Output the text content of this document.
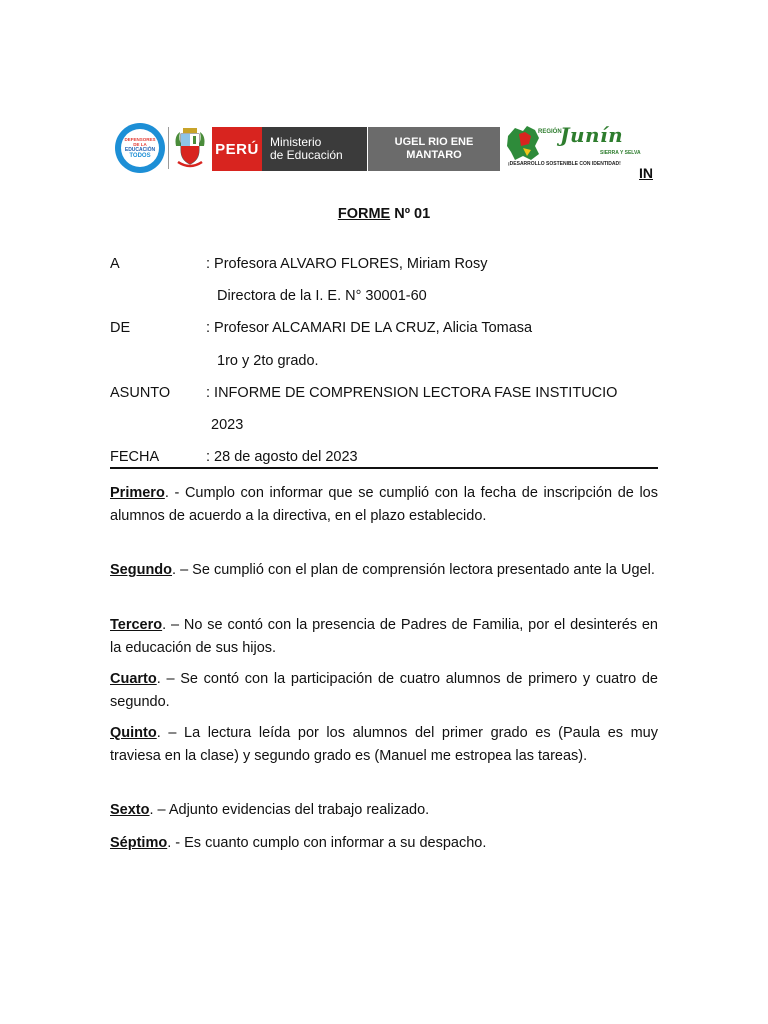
DEFENSORES DE LA
EDUCACIÓN
TODOS	PERÚ Ministerio
de Educación
UGEL RIO ENE
MANTARO
REGIÓN
Junín
SIERRA Y SELVA
¡DESARROLLO SOSTENIBLE CON IDENTIDAD!
IN
FORME Nº 01
A	: Profesora ALVARO FLORES, Miriam Rosy
Directora de la I. E. N° 30001-60
DE	: Profesor ALCAMARI DE LA CRUZ, Alicia Tomasa
1ro y 2to grado.
ASUNTO : INFORME DE COMPRENSION LECTORA FASE INSTITUCIO
2023
FECHA	: 28 de agosto del 2023
Primero. - Cumplo con informar que se cumplió con la fecha de inscripción de los alumnos de acuerdo a la directiva, en el plazo establecido.
Segundo. – Se cumplió con el plan de comprensión lectora presentado ante la Ugel.
Tercero. – No se contó con la presencia de Padres de Familia, por el desinterés en la educación de sus hijos.
Cuarto. – Se contó con la participación de cuatro alumnos de primero y cuatro de segundo.
Quinto. – La lectura leída por los alumnos del primer grado es (Paula es muy traviesa en la clase) y segundo grado es (Manuel me estropea las tareas).
Sexto. – Adjunto evidencias del trabajo realizado.
Séptimo. - Es cuanto cumplo con informar a su despacho.
